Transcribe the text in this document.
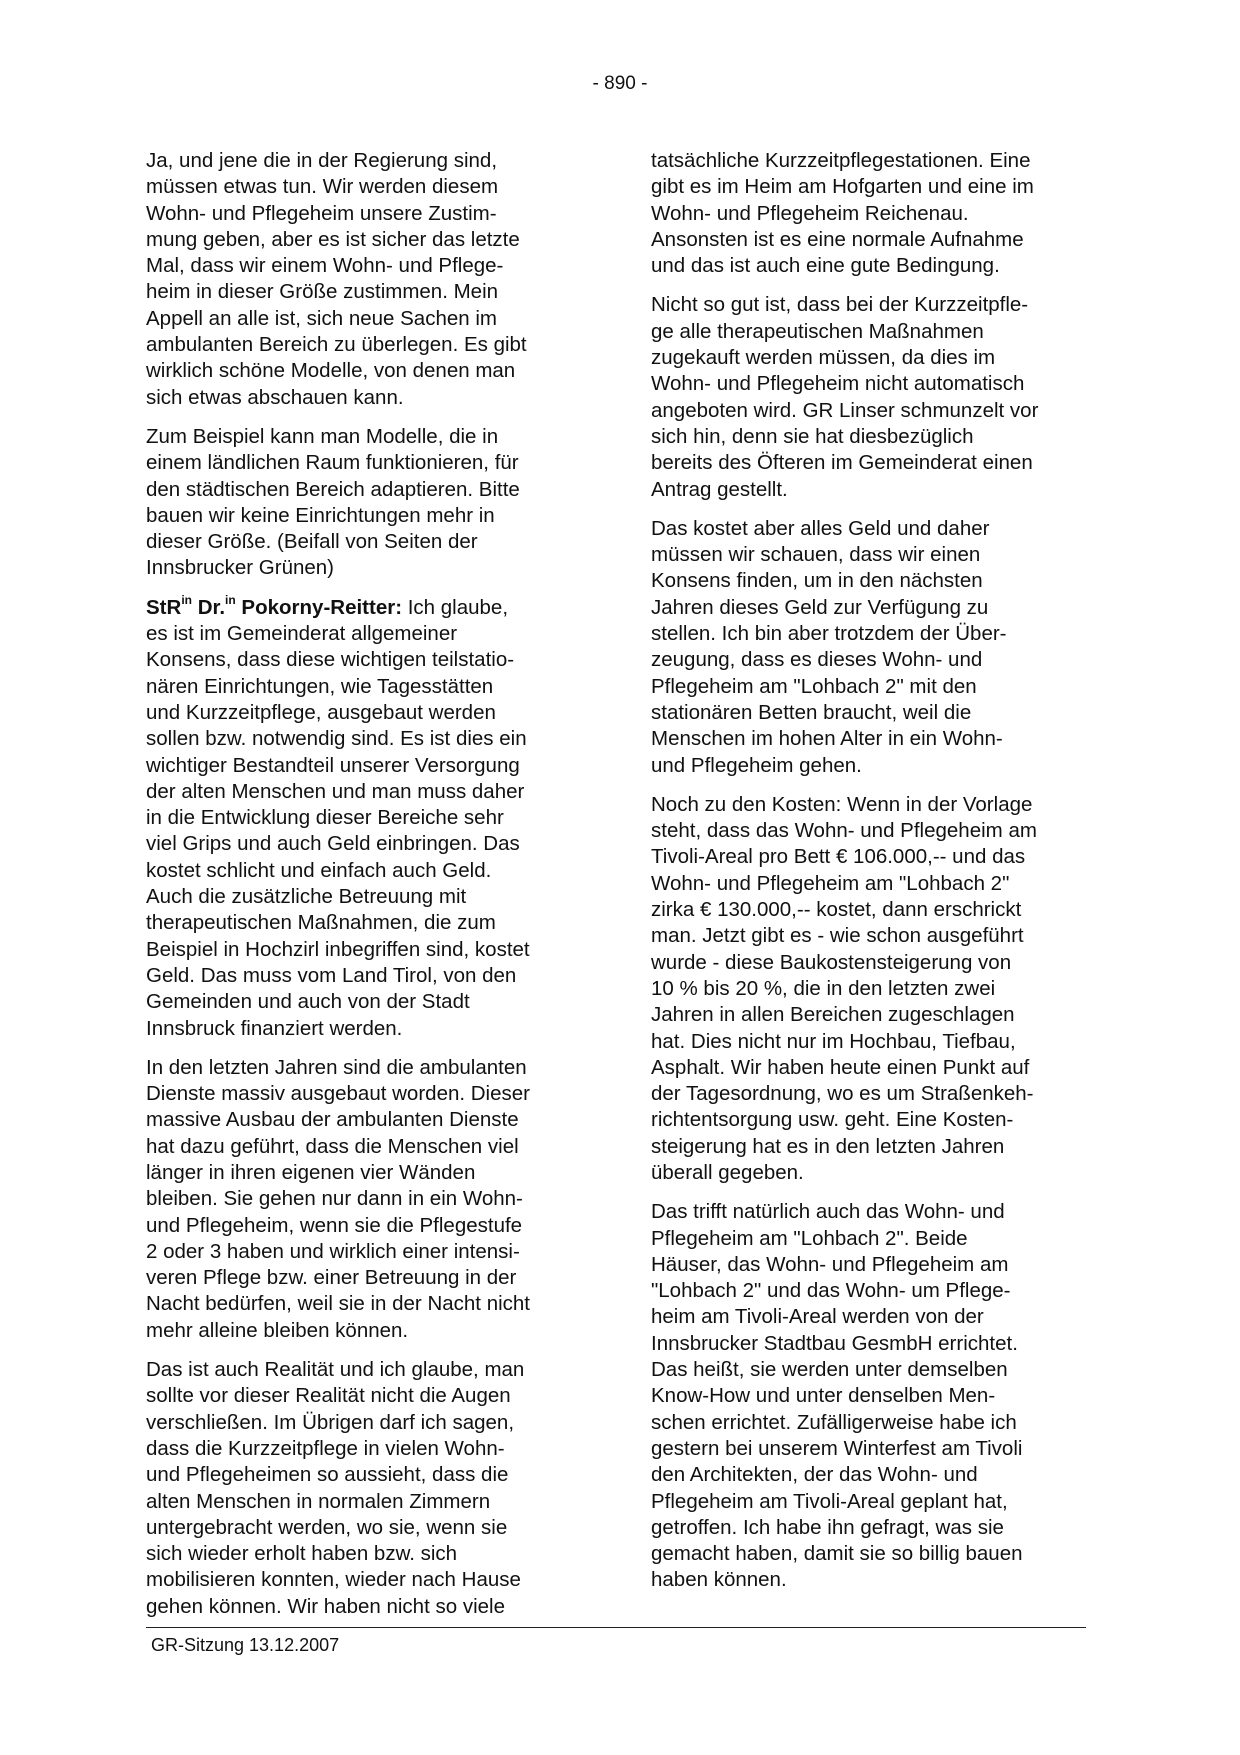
- 890 -

Ja, und jene die in der Regierung sind,
müssen etwas tun. Wir werden diesem
Wohn- und Pflegeheim unsere Zustim-
mung geben, aber es ist sicher das letzte
Mal, dass wir einem Wohn- und Pflege-
heim in dieser Größe zustimmen. Mein
Appell an alle ist, sich neue Sachen im
ambulanten Bereich zu überlegen. Es gibt
wirklich schöne Modelle, von denen man
sich etwas abschauen kann.

Zum Beispiel kann man Modelle, die in
einem ländlichen Raum funktionieren, für
den städtischen Bereich adaptieren. Bitte
bauen wir keine Einrichtungen mehr in
dieser Größe. (Beifall von Seiten der
Innsbrucker Grünen)

StR$^{in}$ Dr.$^{in}$ Pokorny-Reitter: Ich glaube,
es ist im Gemeinderat allgemeiner
Konsens, dass diese wichtigen teilstatio-
nären Einrichtungen, wie Tagesstätten
und Kurzzeitpflege, ausgebaut werden
sollen bzw. notwendig sind. Es ist dies ein
wichtiger Bestandteil unserer Versorgung
der alten Menschen und man muss daher
in die Entwicklung dieser Bereiche sehr
viel Grips und auch Geld einbringen. Das
kostet schlicht und einfach auch Geld.
Auch die zusätzliche Betreuung mit
therapeutischen Maßnahmen, die zum
Beispiel in Hochzirl inbegriffen sind, kostet
Geld. Das muss vom Land Tirol, von den
Gemeinden und auch von der Stadt
Innsbruck finanziert werden.

In den letzten Jahren sind die ambulanten
Dienste massiv ausgebaut worden. Dieser
massive Ausbau der ambulanten Dienste
hat dazu geführt, dass die Menschen viel
länger in ihren eigenen vier Wänden
bleiben. Sie gehen nur dann in ein Wohn-
und Pflegeheim, wenn sie die Pflegestufe
2 oder 3 haben und wirklich einer intensi-
veren Pflege bzw. einer Betreuung in der
Nacht bedürfen, weil sie in der Nacht nicht
mehr alleine bleiben können.

Das ist auch Realität und ich glaube, man
sollte vor dieser Realität nicht die Augen
verschließen. Im Übrigen darf ich sagen,
dass die Kurzzeitpflege in vielen Wohn-
und Pflegeheimen so aussieht, dass die
alten Menschen in normalen Zimmern
untergebracht werden, wo sie, wenn sie
sich wieder erholt haben bzw. sich
mobilisieren konnten, wieder nach Hause
gehen können. Wir haben nicht so viele

tatsächliche Kurzzeitpflegestationen. Eine
gibt es im Heim am Hofgarten und eine im
Wohn- und Pflegeheim Reichenau.
Ansonsten ist es eine normale Aufnahme
und das ist auch eine gute Bedingung.

Nicht so gut ist, dass bei der Kurzzeitpfle-
ge alle therapeutischen Maßnahmen
zugekauft werden müssen, da dies im
Wohn- und Pflegeheim nicht automatisch
angeboten wird. GR Linser schmunzelt vor
sich hin, denn sie hat diesbezüglich
bereits des Öfteren im Gemeinderat einen
Antrag gestellt.

Das kostet aber alles Geld und daher
müssen wir schauen, dass wir einen
Konsens finden, um in den nächsten
Jahren dieses Geld zur Verfügung zu
stellen. Ich bin aber trotzdem der Über-
zeugung, dass es dieses Wohn- und
Pflegeheim am "Lohbach 2" mit den
stationären Betten braucht, weil die
Menschen im hohen Alter in ein Wohn-
und Pflegeheim gehen.

Noch zu den Kosten: Wenn in der Vorlage
steht, dass das Wohn- und Pflegeheim am
Tivoli-Areal pro Bett € 106.000,-- und das
Wohn- und Pflegeheim am "Lohbach 2"
zirka € 130.000,-- kostet, dann erschrickt
man. Jetzt gibt es - wie schon ausgeführt
wurde - diese Baukostensteigerung von
10 % bis 20 %, die in den letzten zwei
Jahren in allen Bereichen zugeschlagen
hat. Dies nicht nur im Hochbau, Tiefbau,
Asphalt. Wir haben heute einen Punkt auf
der Tagesordnung, wo es um Straßenkeh-
richtentsorgung usw. geht. Eine Kosten-
steigerung hat es in den letzten Jahren
überall gegeben.

Das trifft natürlich auch das Wohn- und
Pflegeheim am "Lohbach 2". Beide
Häuser, das Wohn- und Pflegeheim am
"Lohbach 2" und das Wohn- um Pflege-
heim am Tivoli-Areal werden von der
Innsbrucker Stadtbau GesmbH errichtet.
Das heißt, sie werden unter demselben
Know-How und unter denselben Men-
schen errichtet. Zufälligerweise habe ich
gestern bei unserem Winterfest am Tivoli
den Architekten, der das Wohn- und
Pflegeheim am Tivoli-Areal geplant hat,
getroffen. Ich habe ihn gefragt, was sie
gemacht haben, damit sie so billig bauen
haben können.

GR-Sitzung 13.12.2007
